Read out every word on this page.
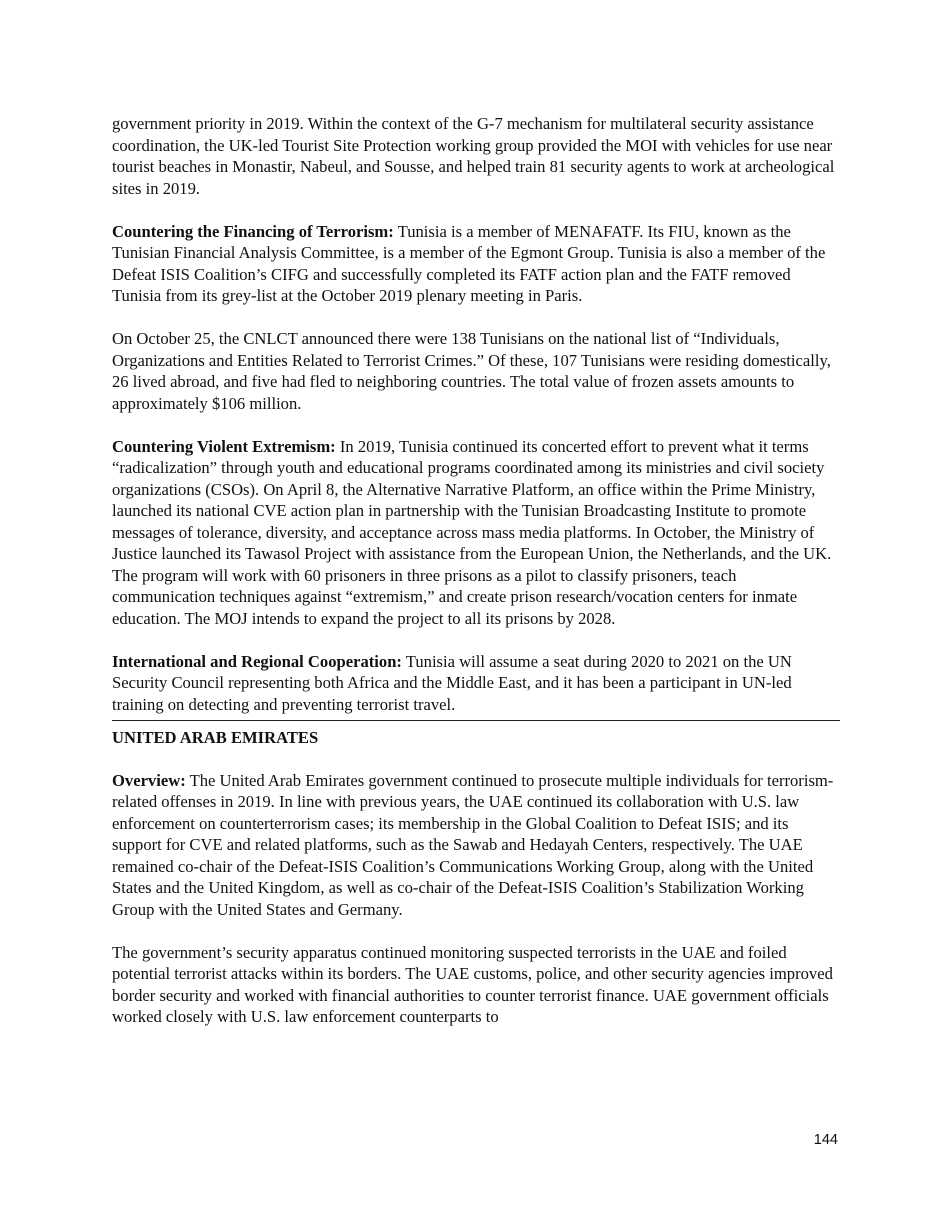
government priority in 2019. Within the context of the G-7 mechanism for multilateral security assistance coordination, the UK-led Tourist Site Protection working group provided the MOI with vehicles for use near tourist beaches in Monastir, Nabeul, and Sousse, and helped train 81 security agents to work at archeological sites in 2019.

Countering the Financing of Terrorism: Tunisia is a member of MENAFATF. Its FIU, known as the Tunisian Financial Analysis Committee, is a member of the Egmont Group. Tunisia is also a member of the Defeat ISIS Coalition’s CIFG and successfully completed its FATF action plan and the FATF removed Tunisia from its grey-list at the October 2019 plenary meeting in Paris.

On October 25, the CNLCT announced there were 138 Tunisians on the national list of “Individuals, Organizations and Entities Related to Terrorist Crimes.” Of these, 107 Tunisians were residing domestically, 26 lived abroad, and five had fled to neighboring countries. The total value of frozen assets amounts to approximately $106 million.

Countering Violent Extremism: In 2019, Tunisia continued its concerted effort to prevent what it terms “radicalization” through youth and educational programs coordinated among its ministries and civil society organizations (CSOs). On April 8, the Alternative Narrative Platform, an office within the Prime Ministry, launched its national CVE action plan in partnership with the Tunisian Broadcasting Institute to promote messages of tolerance, diversity, and acceptance across mass media platforms. In October, the Ministry of Justice launched its Tawasol Project with assistance from the European Union, the Netherlands, and the UK. The program will work with 60 prisoners in three prisons as a pilot to classify prisoners, teach communication techniques against “extremism,” and create prison research/vocation centers for inmate education. The MOJ intends to expand the project to all its prisons by 2028.

International and Regional Cooperation: Tunisia will assume a seat during 2020 to 2021 on the UN Security Council representing both Africa and the Middle East, and it has been a participant in UN-led training on detecting and preventing terrorist travel.

UNITED ARAB EMIRATES

Overview: The United Arab Emirates government continued to prosecute multiple individuals for terrorism-related offenses in 2019. In line with previous years, the UAE continued its collaboration with U.S. law enforcement on counterterrorism cases; its membership in the Global Coalition to Defeat ISIS; and its support for CVE and related platforms, such as the Sawab and Hedayah Centers, respectively. The UAE remained co-chair of the Defeat-ISIS Coalition’s Communications Working Group, along with the United States and the United Kingdom, as well as co-chair of the Defeat-ISIS Coalition’s Stabilization Working Group with the United States and Germany.

The government’s security apparatus continued monitoring suspected terrorists in the UAE and foiled potential terrorist attacks within its borders. The UAE customs, police, and other security agencies improved border security and worked with financial authorities to counter terrorist finance. UAE government officials worked closely with U.S. law enforcement counterparts to

144
